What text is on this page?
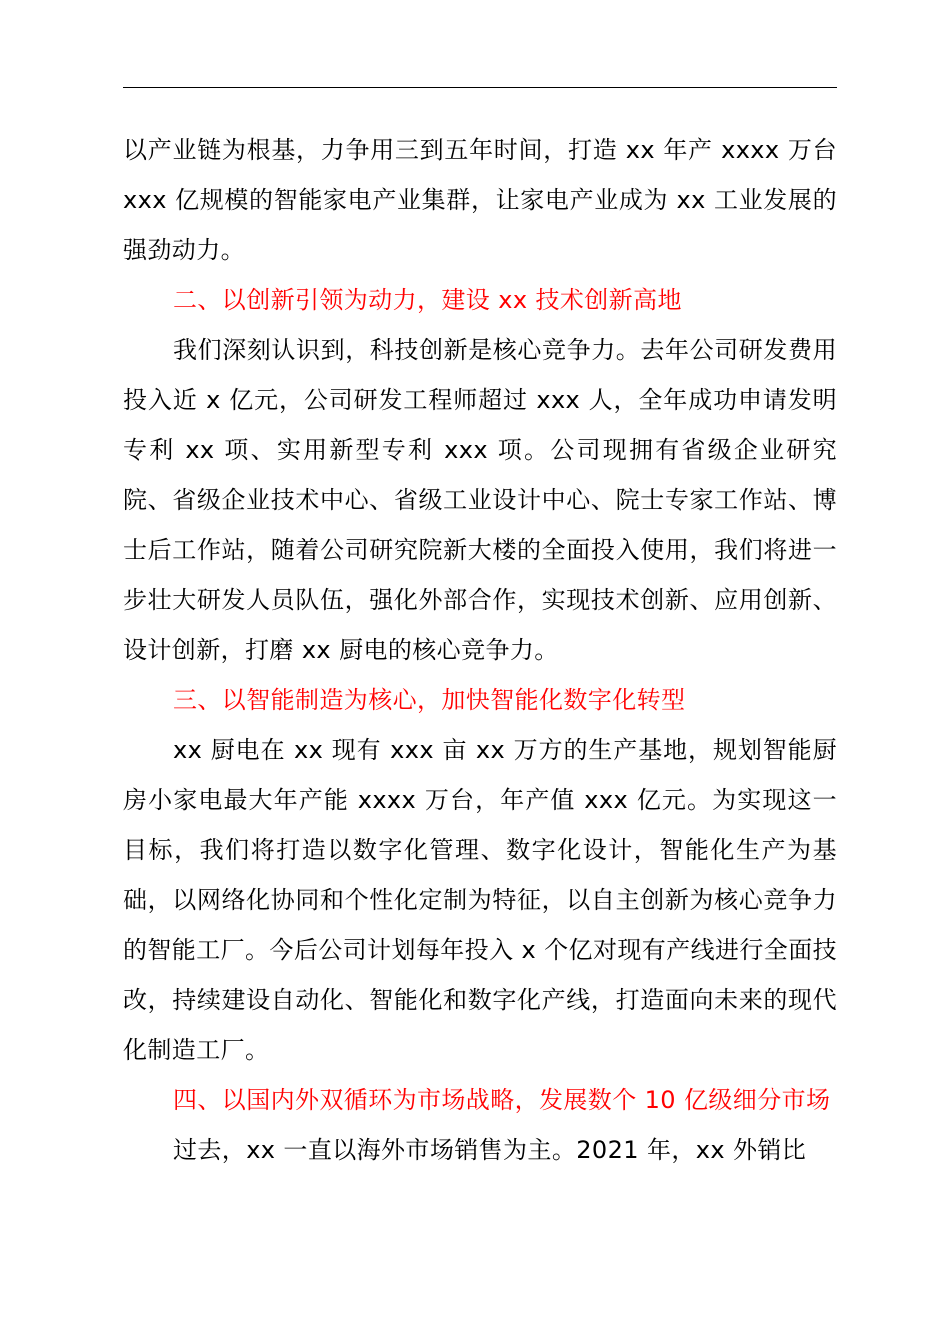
以产业链为根基，力争用三到五年时间，打造 xx 年产 xxxx 万台 xxx 亿规模的智能家电产业集群，让家电产业成为 xx 工业发展的强劲动力。

二、以创新引领为动力，建设 xx 技术创新高地

我们深刻认识到，科技创新是核心竞争力。去年公司研发费用投入近 x 亿元，公司研发工程师超过 xxx 人，全年成功申请发明专利 xx 项、实用新型专利 xxx 项。公司现拥有省级企业研究院、省级企业技术中心、省级工业设计中心、院士专家工作站、博士后工作站，随着公司研究院新大楼的全面投入使用，我们将进一步壮大研发人员队伍，强化外部合作，实现技术创新、应用创新、设计创新，打磨 xx 厨电的核心竞争力。

三、以智能制造为核心，加快智能化数字化转型

xx 厨电在 xx 现有 xxx 亩 xx 万方的生产基地，规划智能厨房小家电最大年产能 xxxx 万台，年产值 xxx 亿元。为实现这一目标，我们将打造以数字化管理、数字化设计，智能化生产为基础，以网络化协同和个性化定制为特征，以自主创新为核心竞争力的智能工厂。今后公司计划每年投入 x 个亿对现有产线进行全面技改，持续建设自动化、智能化和数字化产线，打造面向未来的现代化制造工厂。

四、以国内外双循环为市场战略，发展数个 10 亿级细分市场

过去，xx 一直以海外市场销售为主。2021 年，xx 外销比
